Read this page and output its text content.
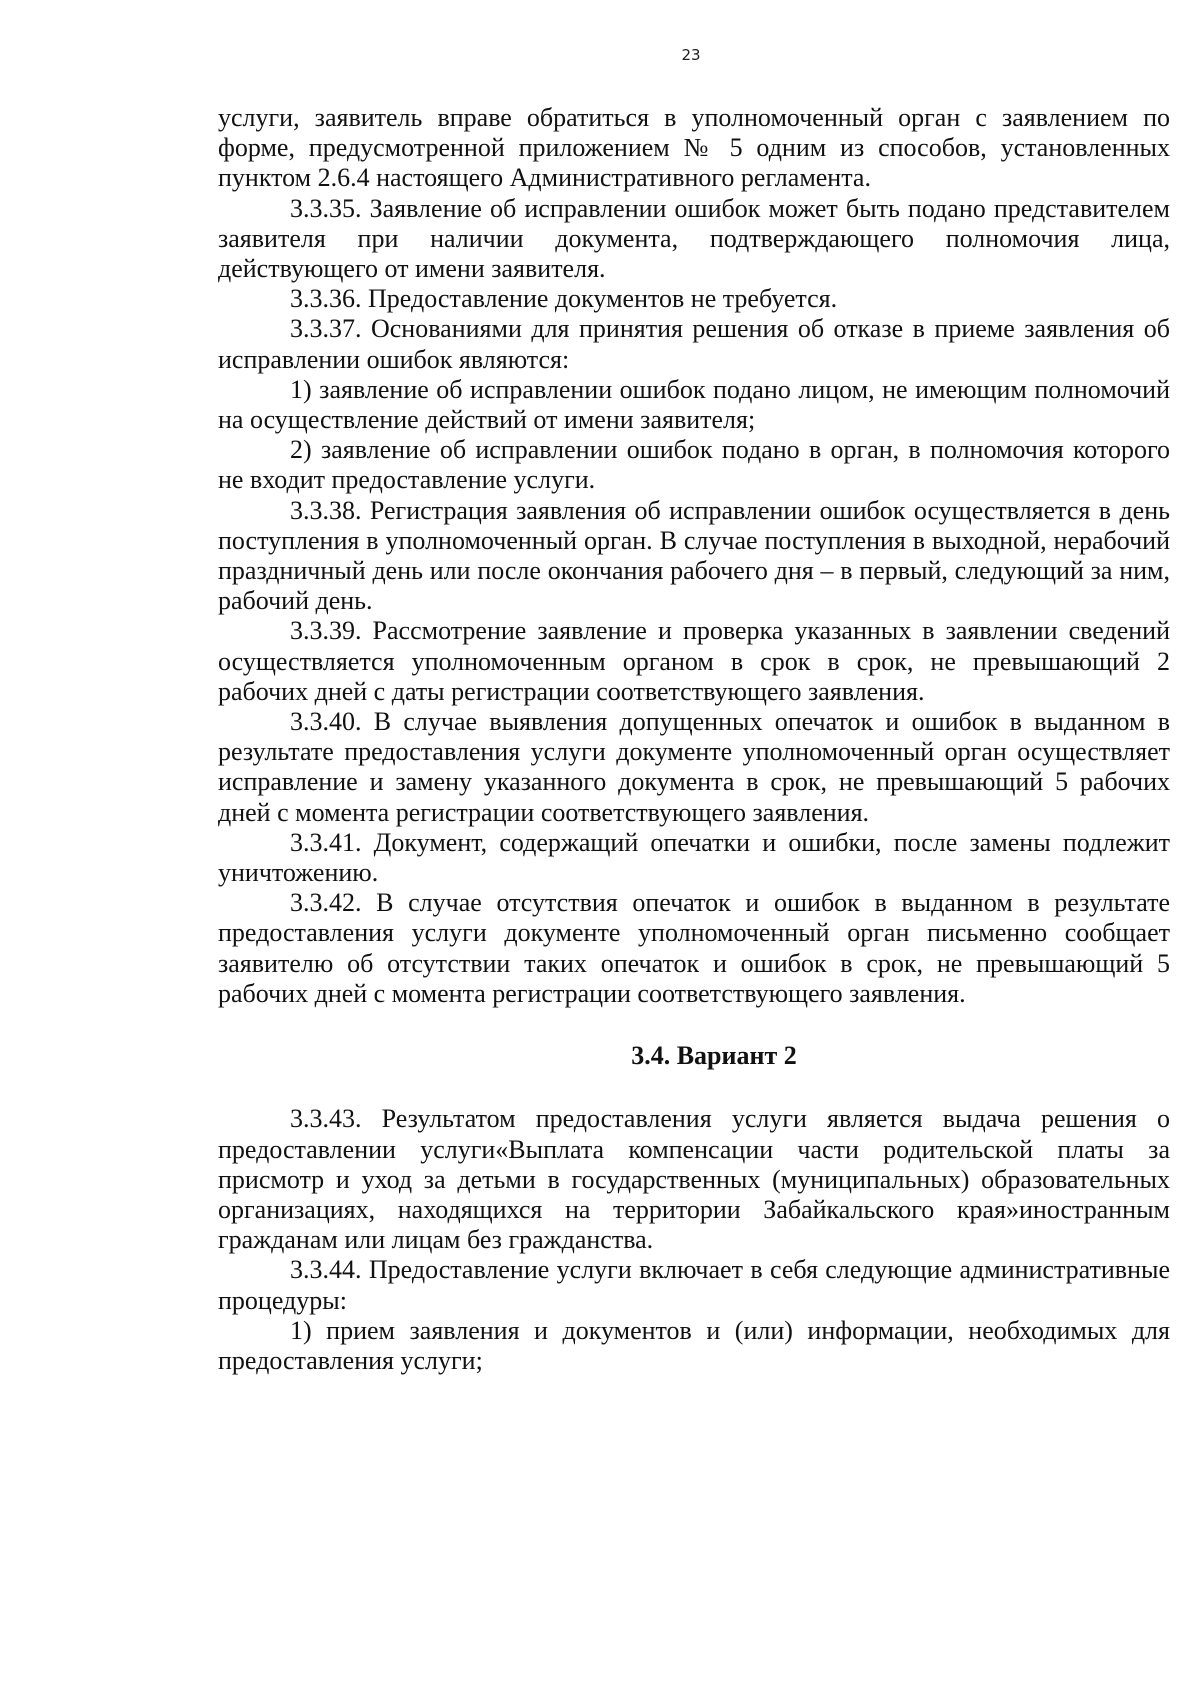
23

услуги, заявитель вправе обратиться в уполномоченный орган с заявлением по форме, предусмотренной приложением № 5 одним из способов, установленных пунктом 2.6.4 настоящего Административного регламента.

3.3.35. Заявление об исправлении ошибок может быть подано представителем заявителя при наличии документа, подтверждающего полномочия лица, действующего от имени заявителя.

3.3.36. Предоставление документов не требуется.

3.3.37. Основаниями для принятия решения об отказе в приеме заявления об исправлении ошибок являются:

1) заявление об исправлении ошибок подано лицом, не имеющим полномочий на осуществление действий от имени заявителя;

2) заявление об исправлении ошибок подано в орган, в полномочия которого не входит предоставление услуги.

3.3.38. Регистрация заявления об исправлении ошибок осуществляется в день поступления в уполномоченный орган. В случае поступления в выходной, нерабочий праздничный день или после окончания рабочего дня – в первый, следующий за ним, рабочий день.

3.3.39. Рассмотрение заявление и проверка указанных в заявлении сведений осуществляется уполномоченным органом в срок в срок, не превышающий 2 рабочих дней с даты регистрации соответствующего заявления.

3.3.40. В случае выявления допущенных опечаток и ошибок в выданном в результате предоставления услуги документе уполномоченный орган осуществляет исправление и замену указанного документа в срок, не превышающий 5 рабочих дней с момента регистрации соответствующего заявления.

3.3.41. Документ, содержащий опечатки и ошибки, после замены подлежит уничтожению.

3.3.42. В случае отсутствия опечаток и ошибок в выданном в результате предоставления услуги документе уполномоченный орган письменно сообщает заявителю об отсутствии таких опечаток и ошибок в срок, не превышающий 5 рабочих дней с момента регистрации соответствующего заявления.

3.4. Вариант 2

3.3.43. Результатом предоставления услуги является выдача решения о предоставлении услуги«Выплата компенсации части родительской платы за присмотр и уход за детьми в государственных (муниципальных) образовательных организациях, находящихся на территории Забайкальского края»иностранным гражданам или лицам без гражданства.

3.3.44. Предоставление услуги включает в себя следующие административные процедуры:

1) прием заявления и документов и (или) информации, необходимых для предоставления услуги;
